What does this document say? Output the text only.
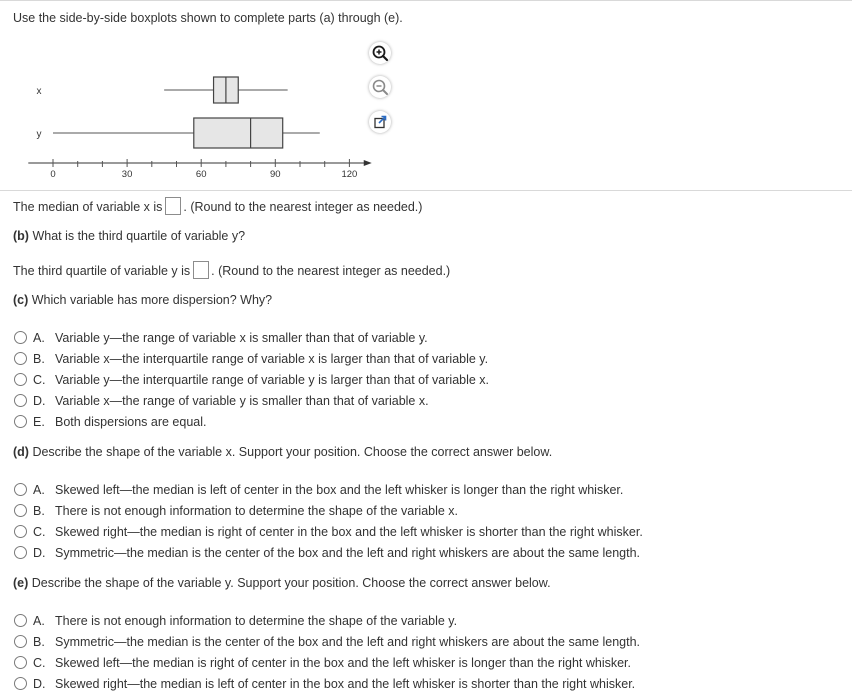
Use the side-by-side boxplots shown to complete parts (a) through (e).
x
y
0	30	60	90	120
The median of variable x is . (Round to the nearest integer as needed.)
(b) What is the third quartile of variable y?
The third quartile of variable y is . (Round to the nearest integer as needed.)
(c) Which variable has more dispersion? Why?
A. Variable y—the range of variable x is smaller than that of variable y.
B. Variable x—the interquartile range of variable x is larger than that of variable y.
C. Variable y—the interquartile range of variable y is larger than that of variable x.
D. Variable x—the range of variable y is smaller than that of variable x.
E. Both dispersions are equal.
(d) Describe the shape of the variable x. Support your position. Choose the correct answer below.
A. Skewed left—the median is left of center in the box and the left whisker is longer than the right whisker.
B. There is not enough information to determine the shape of the variable x.
C. Skewed right—the median is right of center in the box and the left whisker is shorter than the right whisker.
D. Symmetric—the median is the center of the box and the left and right whiskers are about the same length.
(e) Describe the shape of the variable y. Support your position. Choose the correct answer below.
A. There is not enough information to determine the shape of the variable y.
B. Symmetric—the median is the center of the box and the left and right whiskers are about the same length.
C. Skewed left—the median is right of center in the box and the left whisker is longer than the right whisker.
D. Skewed right—the median is left of center in the box and the left whisker is shorter than the right whisker.
